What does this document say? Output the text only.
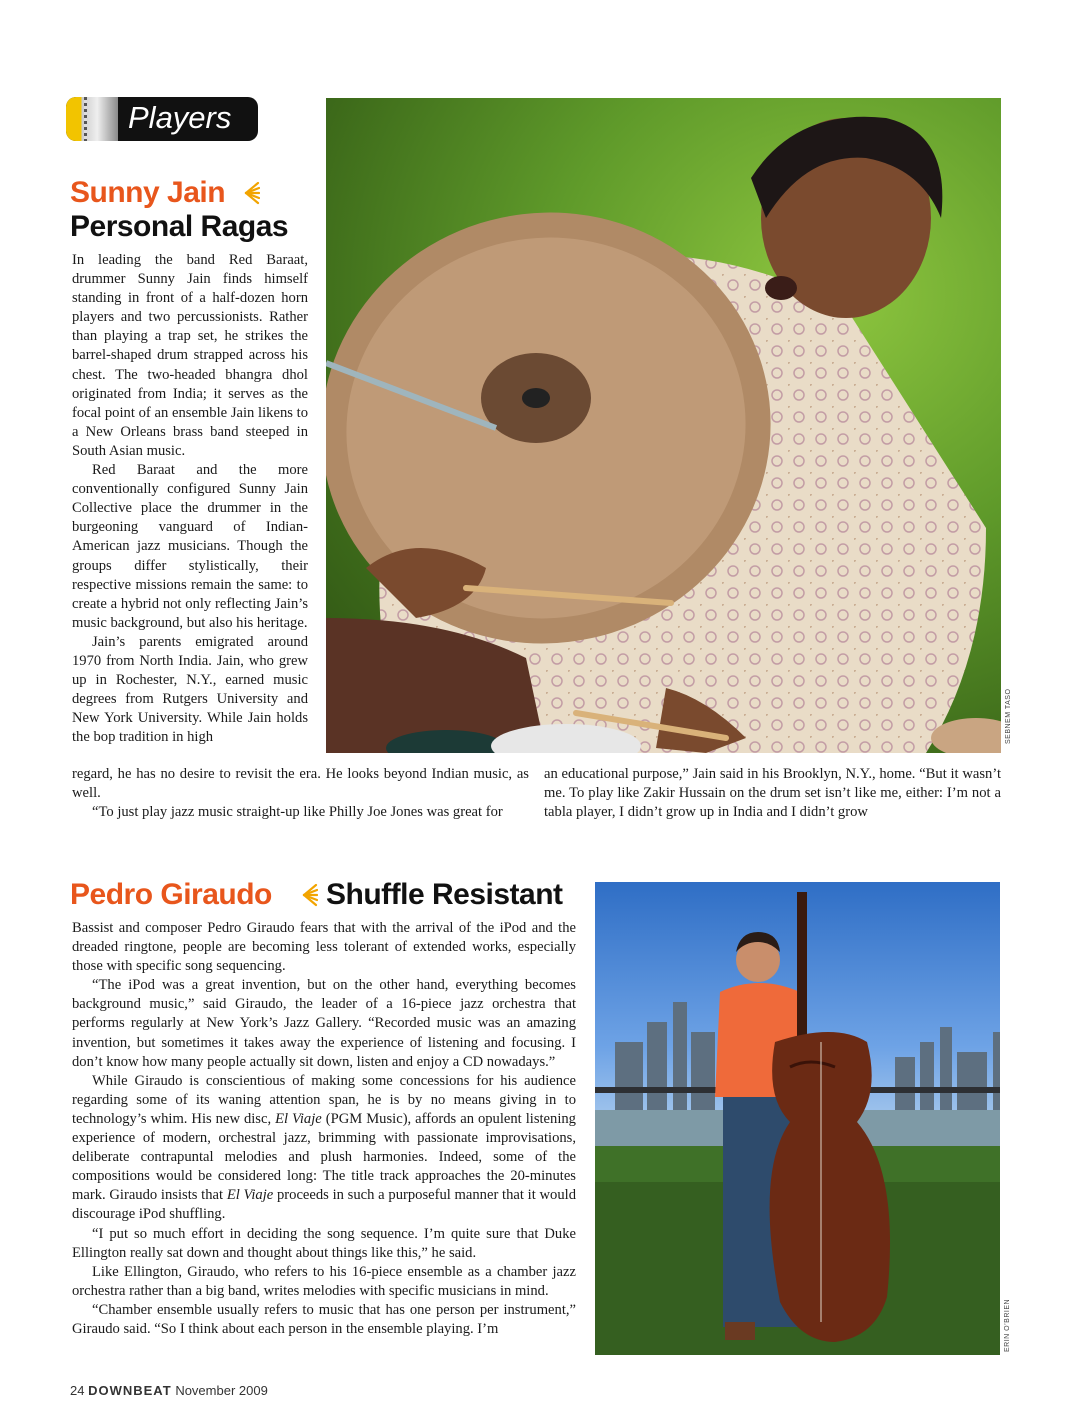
Players
Sunny Jain
Personal Ragas

In leading the band Red Baraat, drummer Sunny Jain finds himself standing in front of a half-dozen horn players and two percussionists. Rather than playing a trap set, he strikes the barrel-shaped drum strapped across his chest. The two-headed bhangra dhol originated from India; it serves as the focal point of an ensemble Jain likens to a New Orleans brass band steeped in South Asian music.

Red Baraat and the more conventionally configured Sunny Jain Collective place the drummer in the burgeoning vanguard of Indian-American jazz musicians. Though the groups differ stylistically, their respective missions remain the same: to create a hybrid not only reflecting Jain’s music background, but also his heritage.

Jain’s parents emigrated around 1970 from North India. Jain, who grew up in Rochester, N.Y., earned music degrees from Rutgers University and New York University. While Jain holds the bop tradition in high	SEBNEM TASO

regard, he has no desire to revisit the era. He looks beyond Indian music, as well.

“To just play jazz music straight-up like Philly Joe Jones was great for

an educational purpose,” Jain said in his Brooklyn, N.Y., home. “But it wasn’t me. To play like Zakir Hussain on the drum set isn’t like me, either: I’m not a tabla player, I didn’t grow up in India and I didn’t grow

Pedro Giraudo Shuffle Resistant

Bassist and composer Pedro Giraudo fears that with the arrival of the iPod and the dreaded ringtone, people are becoming less tolerant of extended works, especially those with specific song sequencing.

“The iPod was a great invention, but on the other hand, everything becomes background music,” said Giraudo, the leader of a 16-piece jazz orchestra that performs regularly at New York’s Jazz Gallery. “Recorded music was an amazing invention, but sometimes it takes away the experience of listening and focusing. I don’t know how many people actually sit down, listen and enjoy a CD nowadays.”

While Giraudo is conscientious of making some concessions for his audience regarding some of its waning attention span, he is by no means giving in to technology’s whim. His new disc, El Viaje (PGM Music), affords an opulent listening experience of modern, orchestral jazz, brimming with passionate improvisations, deliberate contrapuntal melodies and plush harmonies. Indeed, some of the compositions would be considered long: The title track approaches the 20-minutes mark. Giraudo insists that El Viaje proceeds in such a purposeful manner that it would discourage iPod shuffling.

“I put so much effort in deciding the song sequence. I’m quite sure that Duke Ellington really sat down and thought about things like this,” he said.

Like Ellington, Giraudo, who refers to his 16-piece ensemble as a chamber jazz orchestra rather than a big band, writes melodies with specific musicians in mind.

“Chamber ensemble usually refers to music that has one person per instrument,” Giraudo said. “So I think about each person in the ensemble playing. I’m	ERIN O’BRIEN
24 DOWNBEAT November 2009
